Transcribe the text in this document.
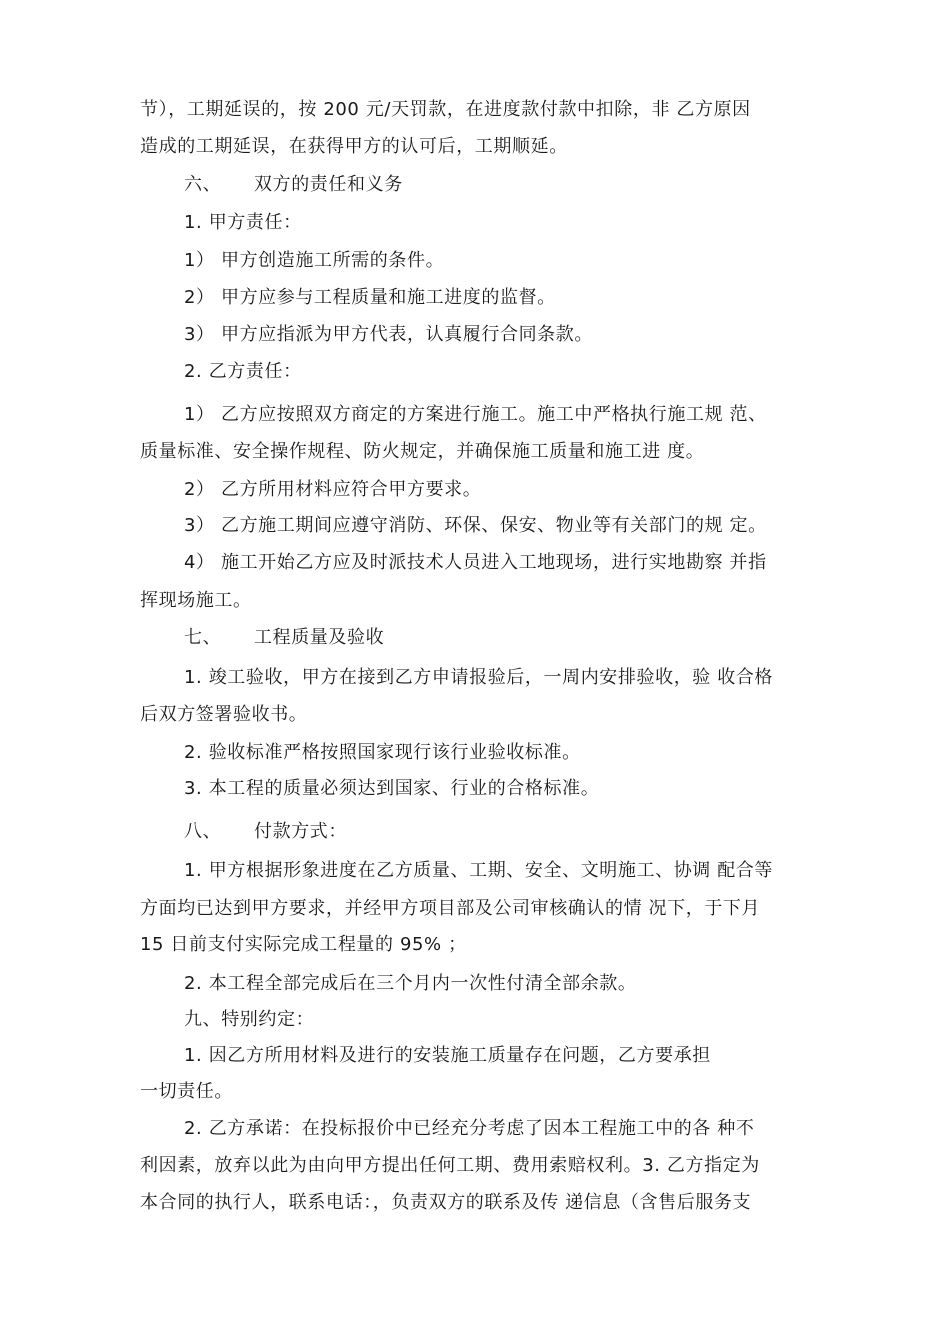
节），工期延误的，按 200 元/天罚款，在进度款付款中扣除，非 乙方原因
造成的工期延误，在获得甲方的认可后，工期顺延。
六、 双方的责任和义务
1. 甲方责任：
1） 甲方创造施工所需的条件。
2） 甲方应参与工程质量和施工进度的监督。
3） 甲方应指派为甲方代表，认真履行合同条款。
2. 乙方责任：
1） 乙方应按照双方商定的方案进行施工。施工中严格执行施工规 范、
质量标准、安全操作规程、防火规定，并确保施工质量和施工进 度。
2） 乙方所用材料应符合甲方要求。
3） 乙方施工期间应遵守消防、环保、保安、物业等有关部门的规 定。
4） 施工开始乙方应及时派技术人员进入工地现场，进行实地勘察 并指
挥现场施工。
七、 工程质量及验收
1. 竣工验收，甲方在接到乙方申请报验后，一周内安排验收，验 收合格
后双方签署验收书。
2. 验收标准严格按照国家现行该行业验收标准。
3. 本工程的质量必须达到国家、行业的合格标准。
八、 付款方式：
1. 甲方根据形象进度在乙方质量、工期、安全、文明施工、协调 配合等
方面均已达到甲方要求，并经甲方项目部及公司审核确认的情 况下，于下月
15 日前支付实际完成工程量的 95% ；
2. 本工程全部完成后在三个月内一次性付清全部余款。
九、特别约定：
1. 因乙方所用材料及进行的安装施工质量存在问题，乙方要承担
一切责任。
2. 乙方承诺：在投标报价中已经充分考虑了因本工程施工中的各 种不
利因素，放弃以此为由向甲方提出任何工期、费用索赔权利。3. 乙方指定为
本合同的执行人，联系电话：，负责双方的联系及传 递信息（含售后服务支
